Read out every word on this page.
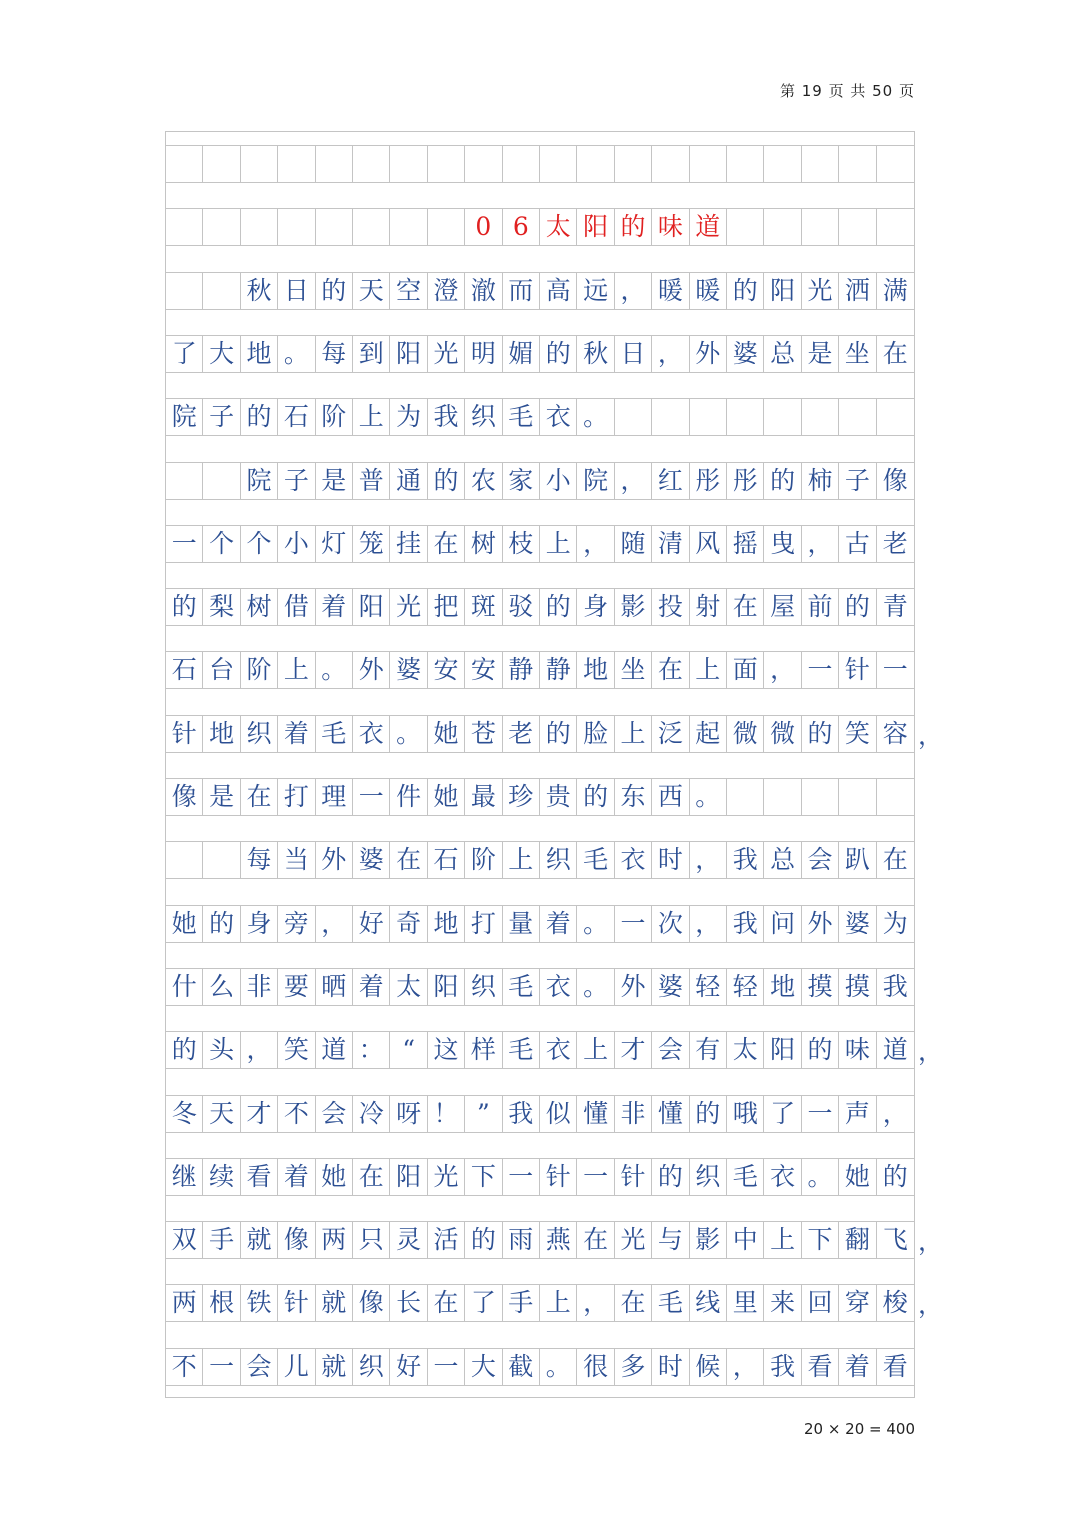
第 19 页 共 50 页
0 6 太 阳 的 味 道
秋 日 的 天 空 澄 澈 而 高 远 ， 暖 暖 的 阳 光 洒 满
了 大 地 。 每 到 阳 光 明 媚 的 秋 日 ， 外 婆 总 是 坐 在
院 子 的 石 阶 上 为 我 织 毛 衣 。
院 子 是 普 通 的 农 家 小 院 ， 红 彤 彤 的 柿 子 像
一 个 个 小 灯 笼 挂 在 树 枝 上 ， 随 清 风 摇 曳 ， 古 老
的 梨 树 借 着 阳 光 把 斑 驳 的 身 影 投 射 在 屋 前 的 青
石 台 阶 上 。 外 婆 安 安 静 静 地 坐 在 上 面 ， 一 针 一
针 地 织 着 毛 衣 。 她 苍 老 的 脸 上 泛 起 微 微 的 笑 容 ，
像 是 在 打 理 一 件 她 最 珍 贵 的 东 西 。
每 当 外 婆 在 石 阶 上 织 毛 衣 时 ， 我 总 会 趴 在
她 的 身 旁 ， 好 奇 地 打 量 着 。 一 次 ， 我 问 外 婆 为
什 么 非 要 晒 着 太 阳 织 毛 衣 。 外 婆 轻 轻 地 摸 摸 我
的 头 ， 笑 道 ： “ 这 样 毛 衣 上 才 会 有 太 阳 的 味 道 ，
冬 天 才 不 会 冷 呀 ！ ” 我 似 懂 非 懂 的 哦 了 一 声 ，
继 续 看 着 她 在 阳 光 下 一 针 一 针 的 织 毛 衣 。 她 的
双 手 就 像 两 只 灵 活 的 雨 燕 在 光 与 影 中 上 下 翻 飞 ，
两 根 铁 针 就 像 长 在 了 手 上 ， 在 毛 线 里 来 回 穿 梭 ，
不 一 会 儿 就 织 好 一 大 截 。 很 多 时 候 ， 我 看 着 看
20 × 20 = 400
